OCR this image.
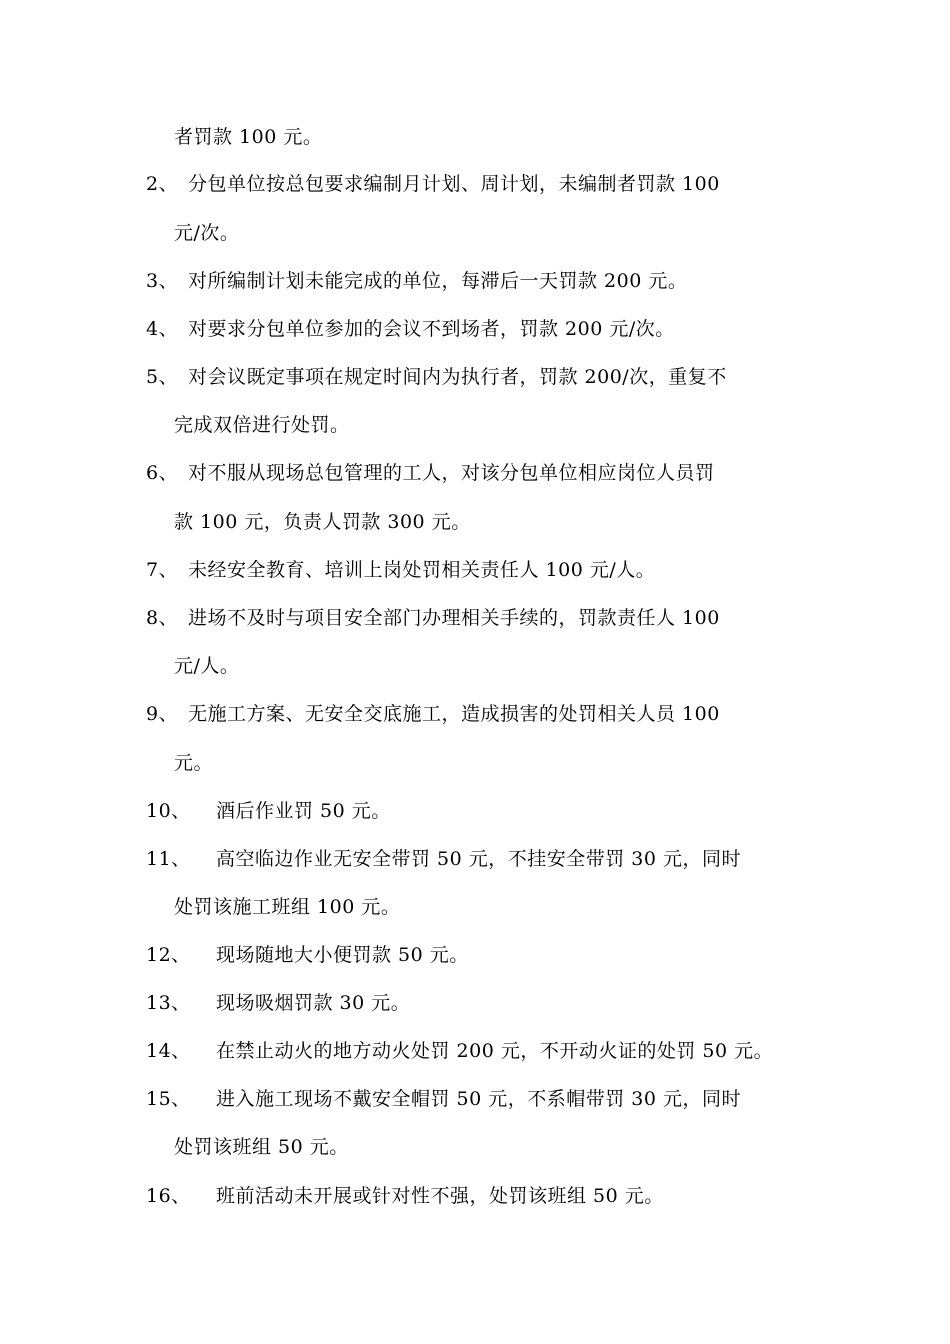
者罚款 100 元。
2、 分包单位按总包要求编制月计划、周计划，未编制者罚款 100
元/次。
3、 对所编制计划未能完成的单位，每滞后一天罚款 200 元。
4、 对要求分包单位参加的会议不到场者，罚款 200 元/次。
5、 对会议既定事项在规定时间内为执行者，罚款 200/次，重复不
完成双倍进行处罚。
6、 对不服从现场总包管理的工人，对该分包单位相应岗位人员罚
款 100 元，负责人罚款 300 元。
7、 未经安全教育、培训上岗处罚相关责任人 100 元/人。
8、 进场不及时与项目安全部门办理相关手续的，罚款责任人 100
元/人。
9、 无施工方案、无安全交底施工，造成损害的处罚相关人员 100
元。
10、 酒后作业罚 50 元。
11、 高空临边作业无安全带罚 50 元，不挂安全带罚 30 元，同时
处罚该施工班组 100 元。
12、 现场随地大小便罚款 50 元。
13、 现场吸烟罚款 30 元。
14、 在禁止动火的地方动火处罚 200 元，不开动火证的处罚 50 元。
15、 进入施工现场不戴安全帽罚 50 元，不系帽带罚 30 元，同时
处罚该班组 50 元。
16、 班前活动未开展或针对性不强，处罚该班组 50 元。
